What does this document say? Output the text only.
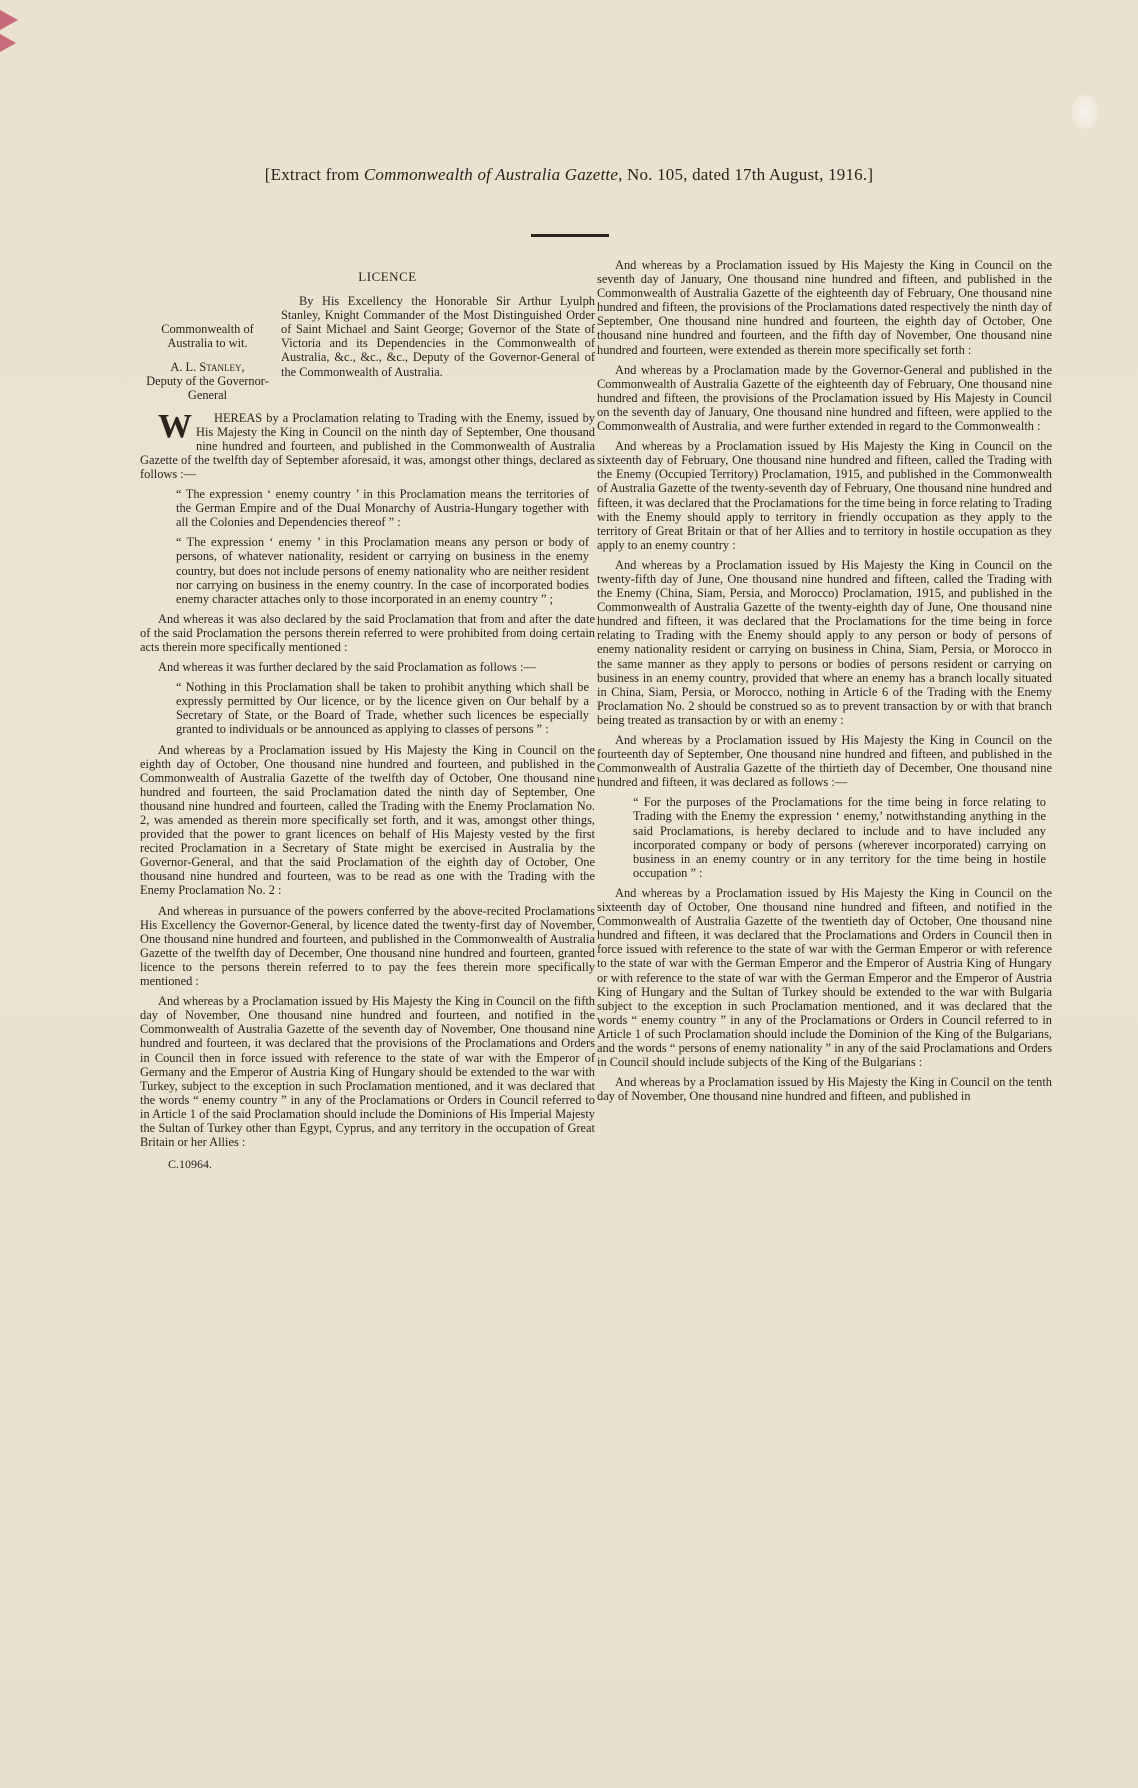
[Extract from Commonwealth of Australia Gazette, No. 105, dated 17th August, 1916.]
LICENCE
Commonwealth of Australia to wit.
A. L. Stanley,
Deputy of the Governor-General

By His Excellency the Honorable Sir Arthur Lyulph Stanley, Knight Commander of the Most Distinguished Order of Saint Michael and Saint George; Governor of the State of Victoria and its Dependencies in the Commonwealth of Australia, &c., &c., &c., Deputy of the Governor-General of the Commonwealth of Australia.

W HEREAS by a Proclamation relating to Trading with the Enemy, issued by His Majesty the King in Council on the ninth day of September, One thousand nine hundred and fourteen, and published in the Commonwealth of Australia Gazette of the twelfth day of September aforesaid, it was, amongst other things, declared as follows :—

“ The expression ‘ enemy country ’ in this Proclamation means the territories of the German Empire and of the Dual Monarchy of Austria-Hungary together with all the Colonies and Dependencies thereof ” :

“ The expression ‘ enemy ’ in this Proclamation means any person or body of persons, of whatever nationality, resident or carrying on business in the enemy country, but does not include persons of enemy nationality who are neither resident nor carrying on business in the enemy country. In the case of incorporated bodies enemy character attaches only to those incorporated in an enemy country ” ;

And whereas it was also declared by the said Proclamation that from and after the date of the said Proclamation the persons therein referred to were prohibited from doing certain acts therein more specifically mentioned :

And whereas it was further declared by the said Proclamation as follows :—

“ Nothing in this Proclamation shall be taken to prohibit anything which shall be expressly permitted by Our licence, or by the licence given on Our behalf by a Secretary of State, or the Board of Trade, whether such licences be especially granted to individuals or be announced as applying to classes of persons ” :

And whereas by a Proclamation issued by His Majesty the King in Council on the eighth day of October, One thousand nine hundred and fourteen, and published in the Commonwealth of Australia Gazette of the twelfth day of October, One thousand nine hundred and fourteen, the said Proclamation dated the ninth day of September, One thousand nine hundred and fourteen, called the Trading with the Enemy Proclamation No. 2, was amended as therein more specifically set forth, and it was, amongst other things, provided that the power to grant licences on behalf of His Majesty vested by the first recited Proclamation in a Secretary of State might be exercised in Australia by the Governor-General, and that the said Proclamation of the eighth day of October, One thousand nine hundred and fourteen, was to be read as one with the Trading with the Enemy Proclamation No. 2 :

And whereas in pursuance of the powers conferred by the above-recited Proclamations His Excellency the Governor-General, by licence dated the twenty-first day of November, One thousand nine hundred and fourteen, and published in the Commonwealth of Australia Gazette of the twelfth day of December, One thousand nine hundred and fourteen, granted licence to the persons therein referred to to pay the fees therein more specifically mentioned :

And whereas by a Proclamation issued by His Majesty the King in Council on the fifth day of November, One thousand nine hundred and fourteen, and notified in the Commonwealth of Australia Gazette of the seventh day of November, One thousand nine hundred and fourteen, it was declared that the provisions of the Proclamations and Orders in Council then in force issued with reference to the state of war with the Emperor of Germany and the Emperor of Austria King of Hungary should be extended to the war with Turkey, subject to the exception in such Proclamation mentioned, and it was declared that the words “ enemy country ” in any of the Proclamations or Orders in Council referred to in Article 1 of the said Proclamation should include the Dominions of His Imperial Majesty the Sultan of Turkey other than Egypt, Cyprus, and any territory in the occupation of Great Britain or her Allies :

C.10964.

And whereas by a Proclamation issued by His Majesty the King in Council on the seventh day of January, One thousand nine hundred and fifteen, and published in the Commonwealth of Australia Gazette of the eighteenth day of February, One thousand nine hundred and fifteen, the provisions of the Proclamations dated respectively the ninth day of September, One thousand nine hundred and fourteen, the eighth day of October, One thousand nine hundred and fourteen, and the fifth day of November, One thousand nine hundred and fourteen, were extended as therein more specifically set forth :

And whereas by a Proclamation made by the Governor-General and published in the Commonwealth of Australia Gazette of the eighteenth day of February, One thousand nine hundred and fifteen, the provisions of the Proclamation issued by His Majesty in Council on the seventh day of January, One thousand nine hundred and fifteen, were applied to the Commonwealth of Australia, and were further extended in regard to the Commonwealth :

And whereas by a Proclamation issued by His Majesty the King in Council on the sixteenth day of February, One thousand nine hundred and fifteen, called the Trading with the Enemy (Occupied Territory) Proclamation, 1915, and published in the Commonwealth of Australia Gazette of the twenty-seventh day of February, One thousand nine hundred and fifteen, it was declared that the Proclamations for the time being in force relating to Trading with the Enemy should apply to territory in friendly occupation as they apply to the territory of Great Britain or that of her Allies and to territory in hostile occupation as they apply to an enemy country :

And whereas by a Proclamation issued by His Majesty the King in Council on the twenty-fifth day of June, One thousand nine hundred and fifteen, called the Trading with the Enemy (China, Siam, Persia, and Morocco) Proclamation, 1915, and published in the Commonwealth of Australia Gazette of the twenty-eighth day of June, One thousand nine hundred and fifteen, it was declared that the Proclamations for the time being in force relating to Trading with the Enemy should apply to any person or body of persons of enemy nationality resident or carrying on business in China, Siam, Persia, or Morocco in the same manner as they apply to persons or bodies of persons resident or carrying on business in an enemy country, provided that where an enemy has a branch locally situated in China, Siam, Persia, or Morocco, nothing in Article 6 of the Trading with the Enemy Proclamation No. 2 should be construed so as to prevent transaction by or with that branch being treated as transaction by or with an enemy :

And whereas by a Proclamation issued by His Majesty the King in Council on the fourteenth day of September, One thousand nine hundred and fifteen, and published in the Commonwealth of Australia Gazette of the thirtieth day of December, One thousand nine hundred and fifteen, it was declared as follows :—

“ For the purposes of the Proclamations for the time being in force relating to Trading with the Enemy the expression ‘ enemy,’ notwithstanding anything in the said Proclamations, is hereby declared to include and to have included any incorporated company or body of persons (wherever incorporated) carrying on business in an enemy country or in any territory for the time being in hostile occupation ” :

And whereas by a Proclamation issued by His Majesty the King in Council on the sixteenth day of October, One thousand nine hundred and fifteen, and notified in the Commonwealth of Australia Gazette of the twentieth day of October, One thousand nine hundred and fifteen, it was declared that the Proclamations and Orders in Council then in force issued with reference to the state of war with the German Emperor or with reference to the state of war with the German Emperor and the Emperor of Austria King of Hungary or with reference to the state of war with the German Emperor and the Emperor of Austria King of Hungary and the Sultan of Turkey should be extended to the war with Bulgaria subject to the exception in such Proclamation mentioned, and it was declared that the words “ enemy country ” in any of the Proclamations or Orders in Council referred to in Article 1 of such Proclamation should include the Dominion of the King of the Bulgarians, and the words “ persons of enemy nationality ” in any of the said Proclamations and Orders in Council should include subjects of the King of the Bulgarians :

And whereas by a Proclamation issued by His Majesty the King in Council on the tenth day of November, One thousand nine hundred and fifteen, and published in
